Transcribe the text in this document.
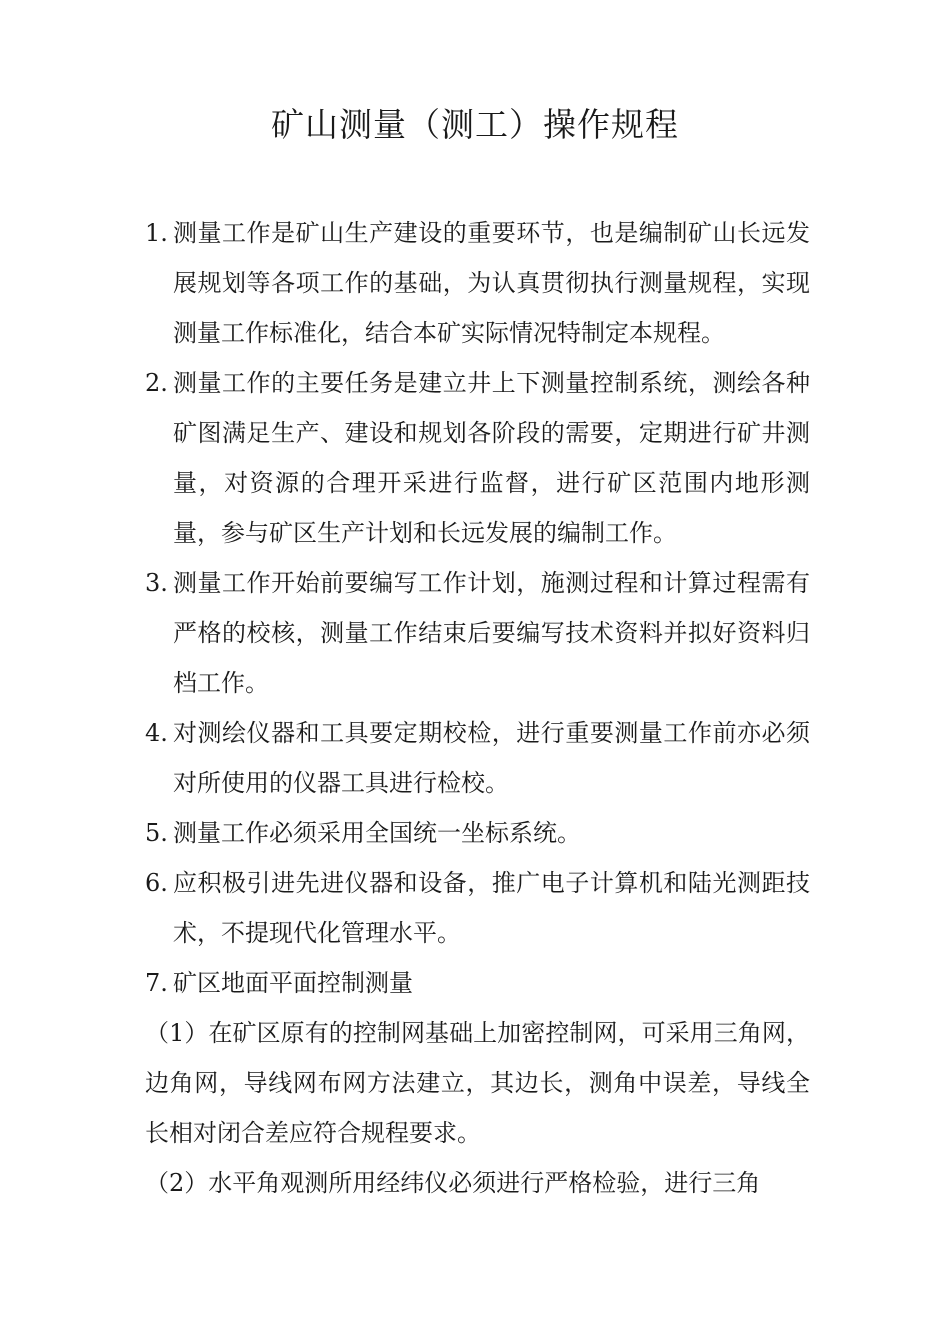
矿山测量（测工）操作规程
1. 测量工作是矿山生产建设的重要环节，也是编制矿山长远发展规划等各项工作的基础，为认真贯彻执行测量规程，实现测量工作标准化，结合本矿实际情况特制定本规程。
2. 测量工作的主要任务是建立井上下测量控制系统，测绘各种矿图满足生产、建设和规划各阶段的需要，定期进行矿井测量，对资源的合理开采进行监督，进行矿区范围内地形测量，参与矿区生产计划和长远发展的编制工作。
3. 测量工作开始前要编写工作计划，施测过程和计算过程需有严格的校核，测量工作结束后要编写技术资料并拟好资料归档工作。
4. 对测绘仪器和工具要定期校检，进行重要测量工作前亦必须对所使用的仪器工具进行检校。
5. 测量工作必须采用全国统一坐标系统。
6. 应积极引进先进仪器和设备，推广电子计算机和陆光测距技术，不提现代化管理水平。
7. 矿区地面平面控制测量

（1）在矿区原有的控制网基础上加密控制网，可采用三角网，边角网，导线网布网方法建立，其边长，测角中误差，导线全长相对闭合差应符合规程要求。

（2）水平角观测所用经纬仪必须进行严格检验，进行三角
